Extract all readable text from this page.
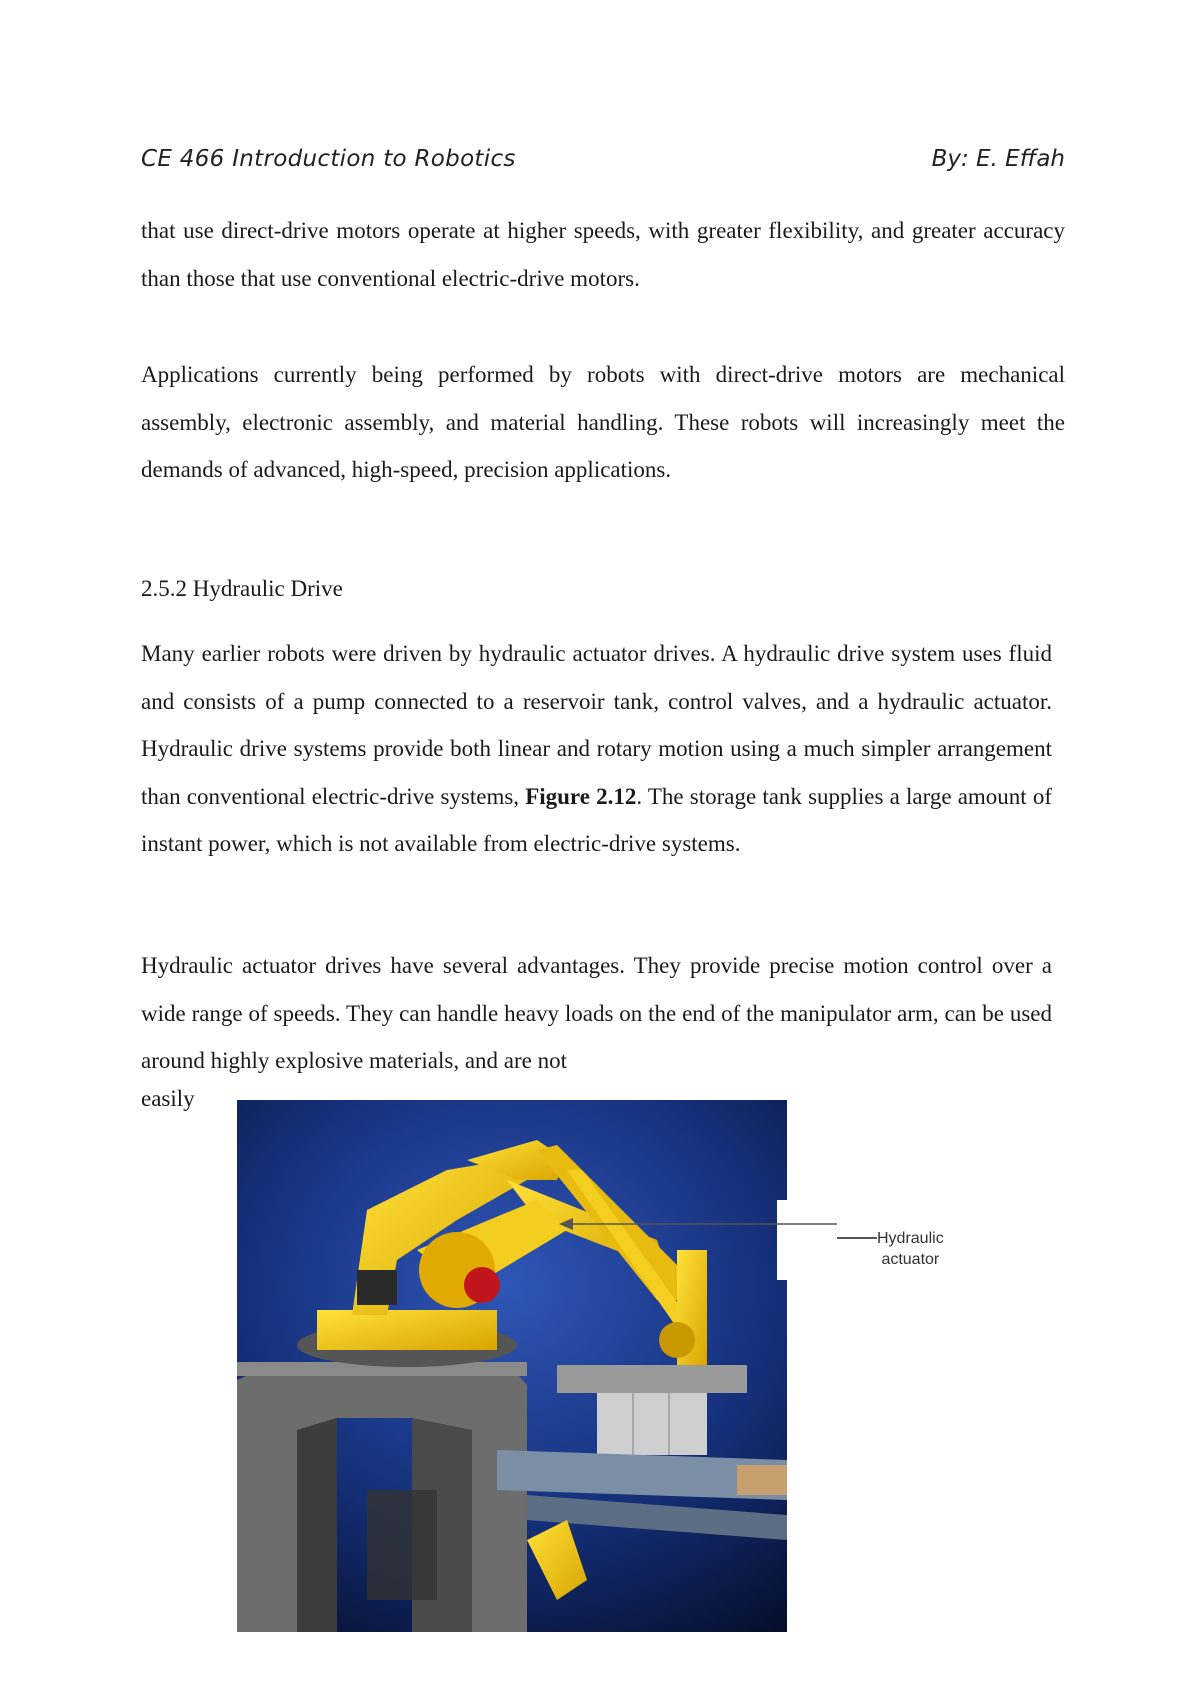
CE 466 Introduction to Robotics	By: E. Effah

that use direct-drive motors operate at higher speeds, with greater flexibility, and greater accuracy than those that use conventional electric-drive motors.

Applications currently being performed by robots with direct-drive motors are mechanical assembly, electronic assembly, and material handling. These robots will increasingly meet the demands of advanced, high-speed, precision applications.

2.5.2 Hydraulic Drive

Many earlier robots were driven by hydraulic actuator drives. A hydraulic drive system uses fluid and consists of a pump connected to a reservoir tank, control valves, and a hydraulic actuator. Hydraulic drive systems provide both linear and rotary motion using a much simpler arrangement than conventional electric-drive systems, Figure 2.12. The storage tank supplies a large amount of instant power, which is not available from electric-drive systems.

Hydraulic actuator drives have several advantages. They provide precise motion control over a wide range of speeds. They can handle heavy loads on the end of the manipulator arm, can be used around highly explosive materials, and are not

easily
Hydraulic
actuator
